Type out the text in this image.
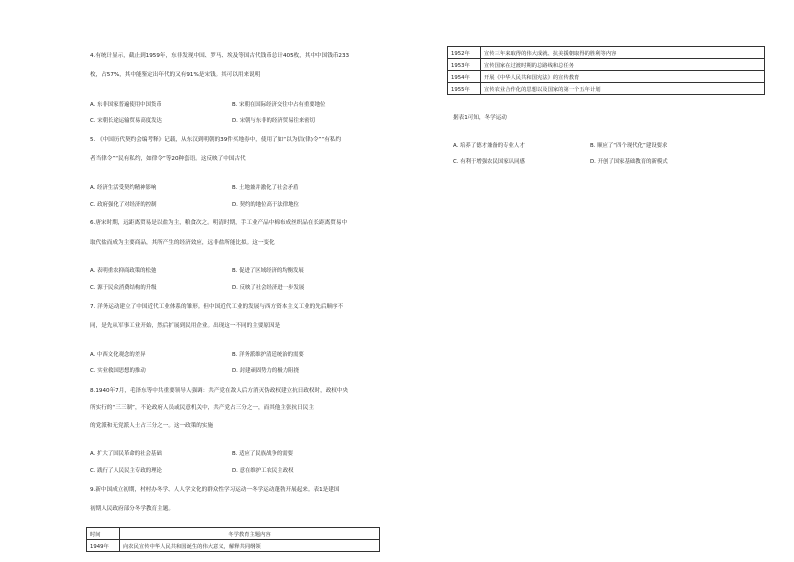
4.有统计显示，截止到1959年，东非发现中国、罗马、埃及等国古代钱币总计405枚，其中中国钱币233
枚，占57%，其中能鉴定出年代的又有91%是宋钱。其可以用来说明
A. 东非国家普遍使用中国货币	B. 宋朝在国际经济交往中占有重要地位
C. 宋朝长途运输贸易高度发达	D. 宋朝与东非的经济贸易往来密切
5. 《中国历代契约会编考释》记载，从东汉到明朝的39件买地券中，使用了如“以为信(律)令”“有私约
者当律令”“民有私约，如律令”等20种套语。这反映了中国古代
A. 经济生活受契约精神影响	B. 土地兼并激化了社会矛盾
C. 政府强化了对经济的控制	D. 契约的地位高于法律地位
6.唐宋时期，远距离贸易是以盐为主，粮食次之。明清时期，手工业产品中棉布成丝织品在长距离贸易中
取代盐而成为主要商品，其所产生的经济效应，远非盐所能比拟。这一变化
A. 表明重农抑商政策的松弛	B. 促进了区域经济的均衡发展
C. 源于民众消费结构的升级	D. 反映了社会经济进一步发展
7. 洋务运动建立了中国近代工业体系的雏形。但中国近代工业的发展与西方资本主义工业的先后顺序不
同，是先从军事工业开始，然后扩展到民用企业。出现这一不同的主要原因是
A. 中西文化观念的差异	B. 洋务派维护清廷统治的需要
C. 实业救国思想的推动	D. 封建顽固势力的极力阻挠
8.1940年7月，毛泽东等中共重要领导人强调：共产党在敌人后方消灭伪政权建立抗日政权时，政权中央
所实行的“三三制”，不论政府人员或民意机关中，共产党占三分之一，而其他主张抗日民主
的党派和无党派人士占三分之一。这一政策的实施
A. 扩大了国民革命的社会基础	B. 适应了民族战争的需要
C. 践行了人民民主专政的理论	D. 意在维护工农民主政权
9.新中国成立初期，村村办冬学、人人学文化的群众性学习运动一冬学运动蓬勃开展起来。表1是建国
初期人民政府部分冬学教育主题。
时间	冬学教育主题内容
1949年	向农民宣传中华人民共和国诞生的伟大意义，解释共同纲领
1952年	宣传三年来取得的伟大成就、抗美援朝取得的胜利等内容
1953年	宣传国家在过渡时期的总路线和总任务
1954年	开展《中华人民共和国宪法》的宣传教育
1955年	宣传农业合作化的思想以及国家的第一个五年计划
据表1可知，冬学运动
A. 培养了德才兼备的专业人才	B. 顺应了“四个现代化”建设要求
C. 有利于增强农民国家认同感	D. 开创了国家基础教育的新模式
